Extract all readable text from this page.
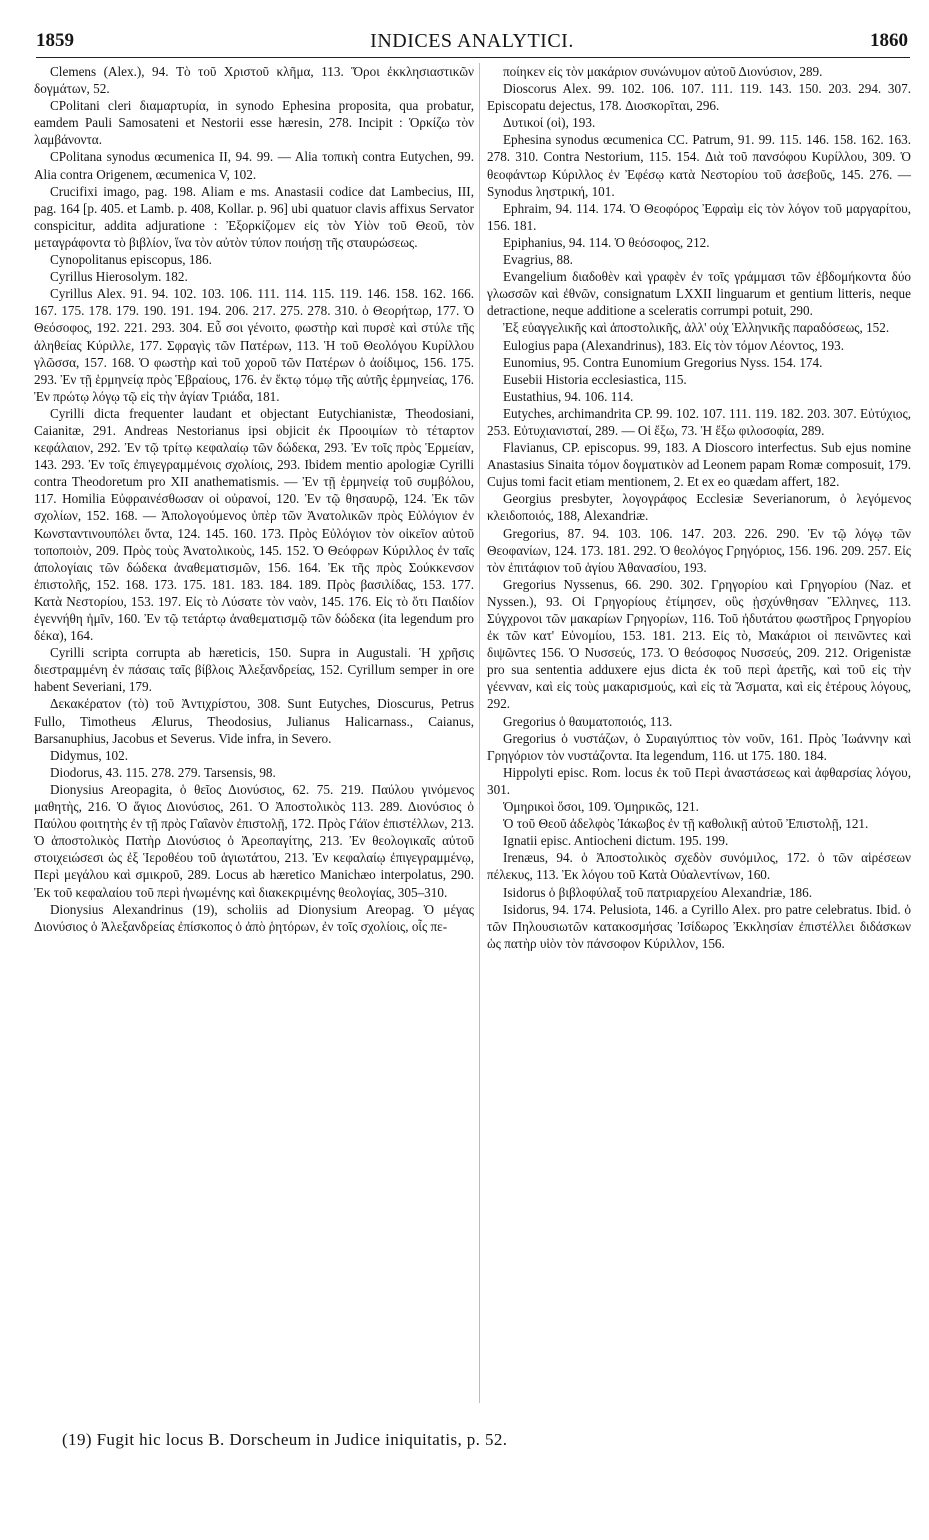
1859	INDICES ANALYTICI.	1860
Clemens (Alex.), 94. Τὸ τοῦ Χριστοῦ κλῆμα, 113. Ὅροι ἐκκλησιαστικῶν δογμάτων, 52.
CPolitani cleri διαμαρτυρία, in synodo Ephesina proposita, qua probatur, eamdem Pauli Samosateni et Nestorii esse hæresin, 278. Incipit : Ὁρκίζω τὸν λαμβάνοντα.
CPolitana synodus œcumenica II, 94. 99. — Alia τοπικὴ contra Eutychen, 99. Alia contra Origenem, œcumenica V, 102.
Crucifixi imago, pag. 198. Aliam e ms. Anastasii codice dat Lambecius, III, pag. 164 [p. 405. et Lamb. p. 408, Kollar. p. 96] ubi quatuor clavis affixus Servator conspicitur, addita adjuratione : Ἐξορκίζομεν εἰς τὸν Υἱὸν τοῦ Θεοῦ, τὸν μεταγράφοντα τὸ βιβλίον, ἵνα τὸν αὐτὸν τύπον ποιήσῃ τῆς σταυρώσεως.
Cynopolitanus episcopus, 186.
Cyrillus Hierosolym. 182.
Cyrillus Alex. 91. 94. 102. 103. 106. 111. 114. 115. 119. 146. 158. 162. 166. 167. 175. 178. 179. 190. 191. 194. 206. 217. 275. 278. 310. ὁ Θεορήτωρ, 177. Ὁ Θεόσοφος, 192. 221. 293. 304. Εὖ σοι γένοιτο, φωστὴρ καὶ πυρσὲ καὶ στύλε τῆς ἀληθείας Κύριλλε, 177. Σφραγὶς τῶν Πατέρων, 113. Ἡ τοῦ Θεολόγου Κυρίλλου γλῶσσα, 157. 168. Ὁ φωστὴρ καὶ τοῦ χοροῦ τῶν Πατέρων ὁ ἀοίδιμος, 156. 175. 293. Ἐν τῇ ἑρμηνείᾳ πρὸς Ἑβραίους, 176. ἐν ἕκτῳ τόμῳ τῆς αὐτῆς ἑρμηνείας, 176. Ἐν πρώτῳ λόγῳ τῷ εἰς τὴν ἁγίαν Τριάδα, 181.
Cyrilli dicta frequenter laudant et objectant Eutychianistæ, Theodosiani, Caianitæ, 291. Andreas Nestorianus ipsi objicit ἐκ Προοιμίων τὸ τέταρτον κεφάλαιον, 292. Ἐν τῷ τρίτῳ κεφαλαίῳ τῶν δώδεκα, 293. Ἐν τοῖς πρὸς Ἑρμείαν, 143. 293. Ἐν τοῖς ἐπιγεγραμμένοις σχολίοις, 293. Ibidem mentio apologiæ Cyrilli contra Theodoretum pro XII anathematismis. — Ἐν τῇ ἑρμηνείᾳ τοῦ συμβόλου, 117. Homilia Εὐφραινέσθωσαν οἱ οὐρανοί, 120. Ἐν τῷ θησαυρῷ, 124. Ἐκ τῶν σχολίων, 152. 168. — Ἀπολογούμενος ὑπὲρ τῶν Ἀνατολικῶν πρὸς Εὐλόγιον ἐν Κωνσταντινουπόλει ὄντα, 124. 145. 160. 173. Πρὸς Εὐλόγιον τὸν οἰκεῖον αὐτοῦ τοποποιὸν, 209. Πρὸς τοὺς Ἀνατολικοὺς, 145. 152. Ὁ Θεόφρων Κύριλλος ἐν ταῖς ἀπολογίαις τῶν δώδεκα ἀναθεματισμῶν, 156. 164. Ἐκ τῆς πρὸς Σούκκενσον ἐπιστολῆς, 152. 168. 173. 175. 181. 183. 184. 189. Πρὸς βασιλίδας, 153. 177. Κατὰ Νεστορίου, 153. 197. Εἰς τὸ Λύσατε τὸν ναὸν, 145. 176. Εἰς τὸ ὅτι Παιδίον ἐγεννήθη ἡμῖν, 160. Ἐν τῷ τετάρτῳ ἀναθεματισμῷ τῶν δώδεκα (ita legendum pro δέκα), 164.
Cyrilli scripta corrupta ab hæreticis, 150. Supra in Augustali. Ἡ χρῆσις διεστραμμένη ἐν πάσαις ταῖς βίβλοις Ἀλεξανδρείας, 152. Cyrillum semper in ore habent Severiani, 179.
Δεκακέρατον (τὸ) τοῦ Ἀντιχρίστου, 308. Sunt Eutyches, Dioscurus, Petrus Fullo, Timotheus Ælurus, Theodosius, Julianus Halicarnass., Caianus, Barsanuphius, Jacobus et Severus. Vide infra, in Severo.
Didymus, 102.
Diodorus, 43. 115. 278. 279. Tarsensis, 98.
Dionysius Areopagita, ὁ θεῖος Διονύσιος, 62. 75. 219. Παύλου γινόμενος μαθητὴς, 216. Ὁ ἅγιος Διονύσιος, 261. Ὁ Ἀποστολικὸς 113. 289. Διονύσιος ὁ Παύλου φοιτητὴς ἐν τῇ πρὸς Γαΐανὸν ἐπιστολῇ, 172. Πρὸς Γάϊον ἐπιστέλλων, 213. Ὁ ἀποστολικὸς Πατὴρ Διονύσιος ὁ Ἀρεοπαγίτης, 213. Ἐν θεολογικαῖς αὐτοῦ στοιχειώσεσι ὡς ἐξ Ἱεροθέου τοῦ ἁγιωτάτου, 213. Ἐν κεφαλαίῳ ἐπιγεγραμμένῳ, Περὶ μεγάλου καὶ σμικροῦ, 289. Locus ab hæretico Manichæo interpolatus, 290. Ἐκ τοῦ κεφαλαίου τοῦ περὶ ἡνωμένης καὶ διακεκριμένης θεολογίας, 305–310.
Dionysius Alexandrinus (19), scholiis ad Dionysium Areopag. Ὁ μέγας Διονύσιος ὁ Ἀλεξανδρείας ἐπίσκοπος ὁ ἀπὸ ῥητόρων, ἐν τοῖς σχολίοις, οἷς πε-
ποίηκεν εἰς τὸν μακάριον συνώνυμον αὐτοῦ Διονύσιον, 289.
Dioscorus Alex. 99. 102. 106. 107. 111. 119. 143. 150. 203. 294. 307. Episcopatu dejectus, 178. Διοσκορῖται, 296.
Δυτικοί (οἱ), 193.
Ephesina synodus œcumenica CC. Patrum, 91. 99. 115. 146. 158. 162. 163. 278. 310. Contra Nestorium, 115. 154. Διὰ τοῦ πανσόφου Κυρίλλου, 309. Ὁ θεοφάντωρ Κύριλλος ἐν Ἐφέσῳ κατὰ Νεστορίου τοῦ ἀσεβοῦς, 145. 276. — Synodus ληστρική, 101.
Ephraim, 94. 114. 174. Ὁ Θεοφόρος Ἐφραὶμ εἰς τὸν λόγον τοῦ μαργαρίτου, 156. 181.
Epiphanius, 94. 114. Ὁ θεόσοφος, 212.
Evagrius, 88.
Evangelium διαδοθὲν καὶ γραφὲν ἐν τοῖς γράμμασι τῶν ἑβδομήκοντα δύο γλωσσῶν καὶ ἐθνῶν, consignatum LXXII linguarum et gentium litteris, neque detractione, neque additione a sceleratis corrumpi potuit, 290.
Ἐξ εὐαγγελικῆς καὶ ἀποστολικῆς, ἀλλ' οὐχ Ἑλληνικῆς παραδόσεως, 152.
Eulogius papa (Alexandrinus), 183. Εἰς τὸν τόμον Λέοντος, 193.
Eunomius, 95. Contra Eunomium Gregorius Nyss. 154. 174.
Eusebii Historia ecclesiastica, 115.
Eustathius, 94. 106. 114.
Eutyches, archimandrita CP. 99. 102. 107. 111. 119. 182. 203. 307. Εὐτύχιος, 253. Εὐτυχιανισταί, 289. — Οἱ ἔξω, 73. Ἡ ἔξω φιλοσοφία, 289.
Flavianus, CP. episcopus. 99, 183. A Dioscoro interfectus. Sub ejus nomine Anastasius Sinaita τόμον δογματικὸν ad Leonem papam Romæ composuit, 179. Cujus tomi facit etiam mentionem, 2. Et ex eo quædam affert, 182.
Georgius presbyter, λογογράφος Ecclesiæ Severianorum, ὁ λεγόμενος κλειδοποιός, 188, Alexandriæ.
Gregorius, 87. 94. 103. 106. 147. 203. 226. 290. Ἐν τῷ λόγῳ τῶν Θεοφανίων, 124. 173. 181. 292. Ὁ θεολόγος Γρηγόριος, 156. 196. 209. 257. Εἰς τὸν ἐπιτάφιον τοῦ ἁγίου Ἀθανασίου, 193.
Gregorius Nyssenus, 66. 290. 302. Γρηγορίου καὶ Γρηγορίου (Naz. et Nyssen.), 93. Οἱ Γρηγορίους ἐτίμησεν, οὓς ᾐσχύνθησαν Ἕλληνες, 113. Σύγχρονοι τῶν μακαρίων Γρηγορίων, 116. Τοῦ ἠδυτάτου φωστῆρος Γρηγορίου ἐκ τῶν κατ' Εὐνομίου, 153. 181. 213. Εἰς τὸ, Μακάριοι οἱ πεινῶντες καὶ διψῶντες 156. Ὁ Νυσσεύς, 173. Ὁ θεόσοφος Νυσσεύς, 209. 212. Origenistæ pro sua sententia adduxere ejus dicta ἐκ τοῦ περὶ ἀρετῆς, καὶ τοῦ εἰς τὴν γέενναν, καὶ εἰς τοὺς μακαρισμούς, καὶ εἰς τὰ Ἄσματα, καὶ εἰς ἑτέρους λόγους, 292.
Gregorius ὁ θαυματοποιός, 113.
Gregorius ὁ νυστάζων, ὁ Συραιγύπτιος τὸν νοῦν, 161. Πρὸς Ἰωάννην καὶ Γρηγόριον τὸν νυστάζοντα. Ita legendum, 116. ut 175. 180. 184.
Hippolyti episc. Rom. locus ἐκ τοῦ Περὶ ἀναστάσεως καὶ ἀφθαρσίας λόγου, 301.
Ὁμηρικοὶ ὅσοι, 109. Ὁμηρικῶς, 121.
Ὁ τοῦ Θεοῦ ἀδελφὸς Ἰάκωβος ἐν τῇ καθολικῇ αὐτοῦ Ἐπιστολῇ, 121.
Ignatii episc. Antiocheni dictum. 195. 199.
Irenæus, 94. ὁ Ἀποστολικὸς σχεδὸν συνόμιλος, 172. ὁ τῶν αἱρέσεων πέλεκυς, 113. Ἐκ λόγου τοῦ Κατὰ Οὐαλεντίνων, 160.
Isidorus ὁ βιβλοφύλαξ τοῦ πατριαρχείου Alexandriæ, 186.
Isidorus, 94. 174. Pelusiota, 146. a Cyrillo Alex. pro patre celebratus. Ibid. ὁ τῶν Πηλουσιωτῶν κατακοσμήσας Ἰσίδωρος Ἐκκλησίαν ἐπιστέλλει διδάσκων ὡς πατὴρ υἱὸν τὸν πάνσοφον Κύριλλον, 156.
(19) Fugit hic locus B. Dorscheum in Judice iniquitatis, p. 52.
